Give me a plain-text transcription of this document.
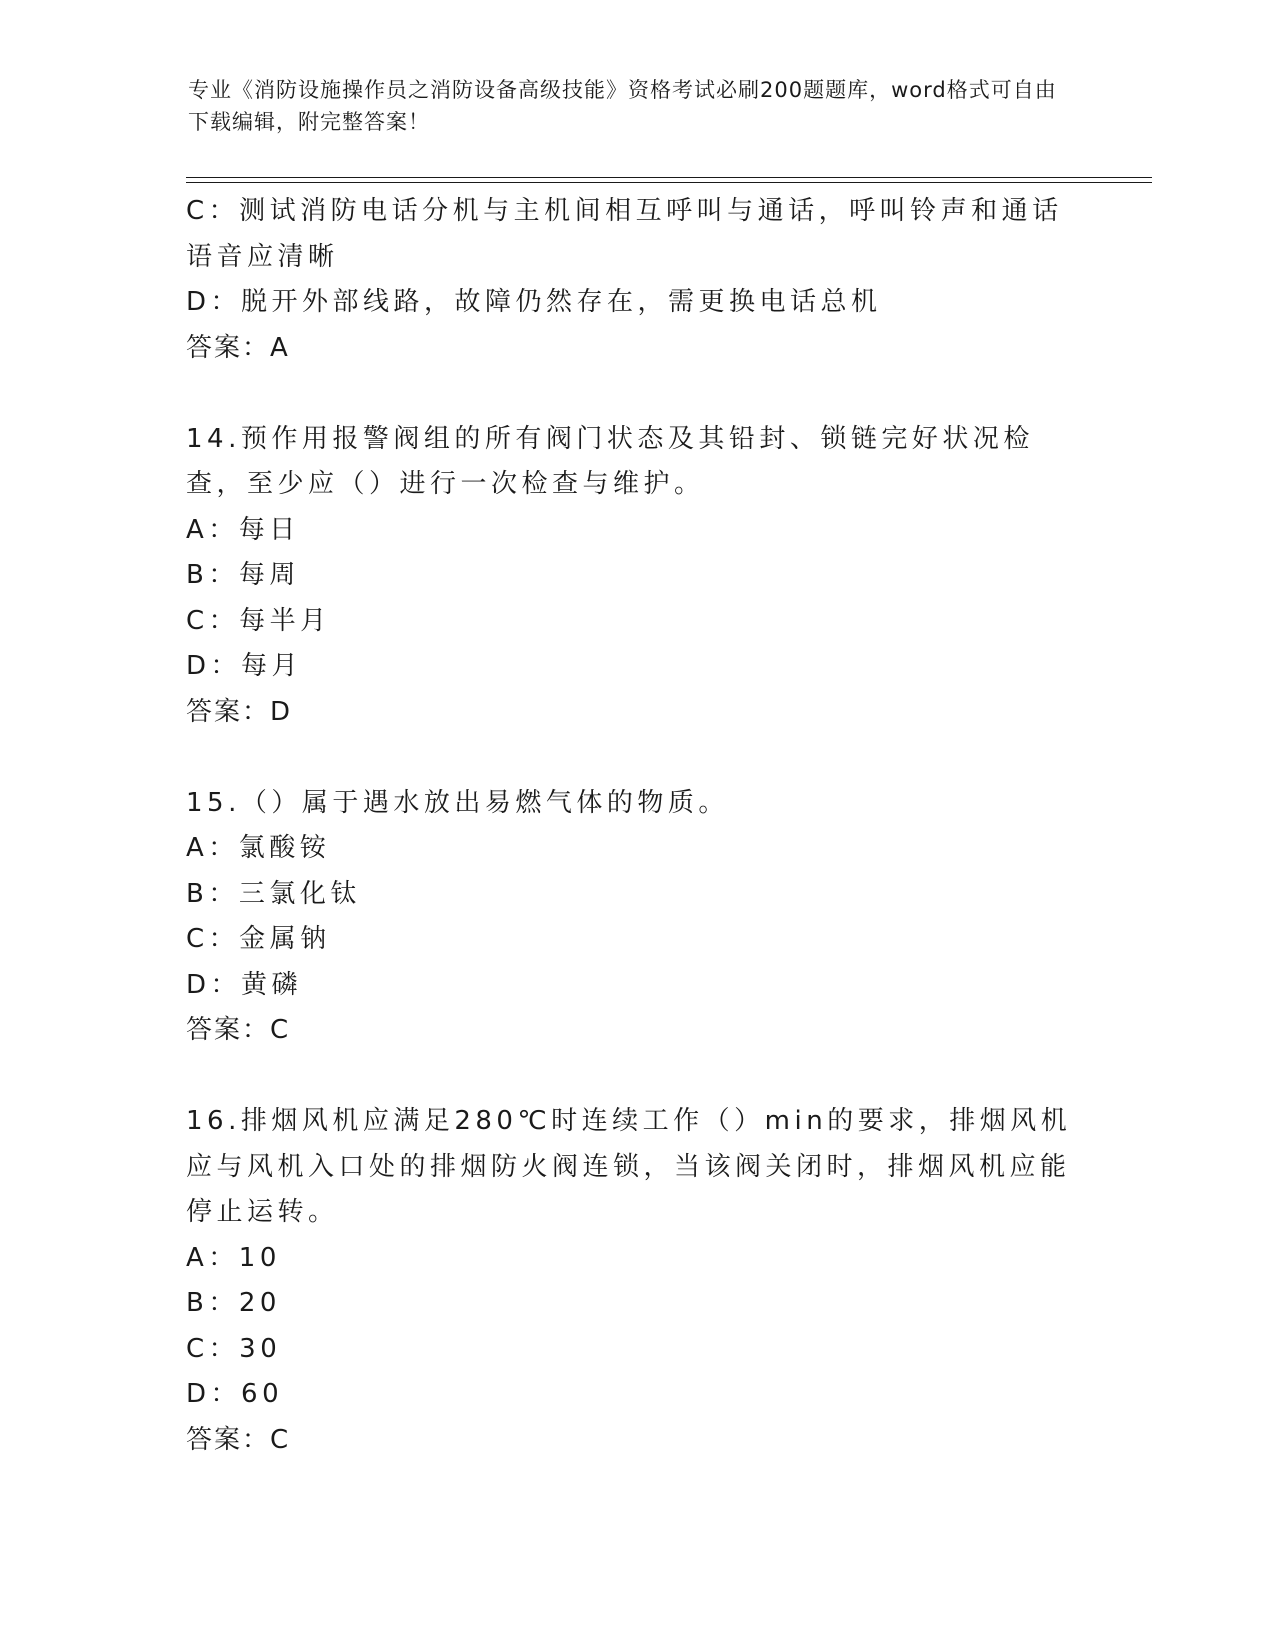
专业《消防设施操作员之消防设备高级技能》资格考试必刷200题题库，word格式可自由下载编辑，附完整答案！

C：测试消防电话分机与主机间相互呼叫与通话，呼叫铃声和通话语音应清晰

D：脱开外部线路，故障仍然存在，需更换电话总机

答案：A

14.预作用报警阀组的所有阀门状态及其铅封、锁链完好状况检查，至少应（）进行一次检查与维护。

A：每日

B：每周

C：每半月

D：每月

答案：D

15.（）属于遇水放出易燃气体的物质。

A：氯酸铵

B：三氯化钛

C：金属钠

D：黄磷

答案：C

16.排烟风机应满足280℃时连续工作（）min的要求，排烟风机应与风机入口处的排烟防火阀连锁，当该阀关闭时，排烟风机应能停止运转。

A：10

B：20

C：30

D：60

答案：C
